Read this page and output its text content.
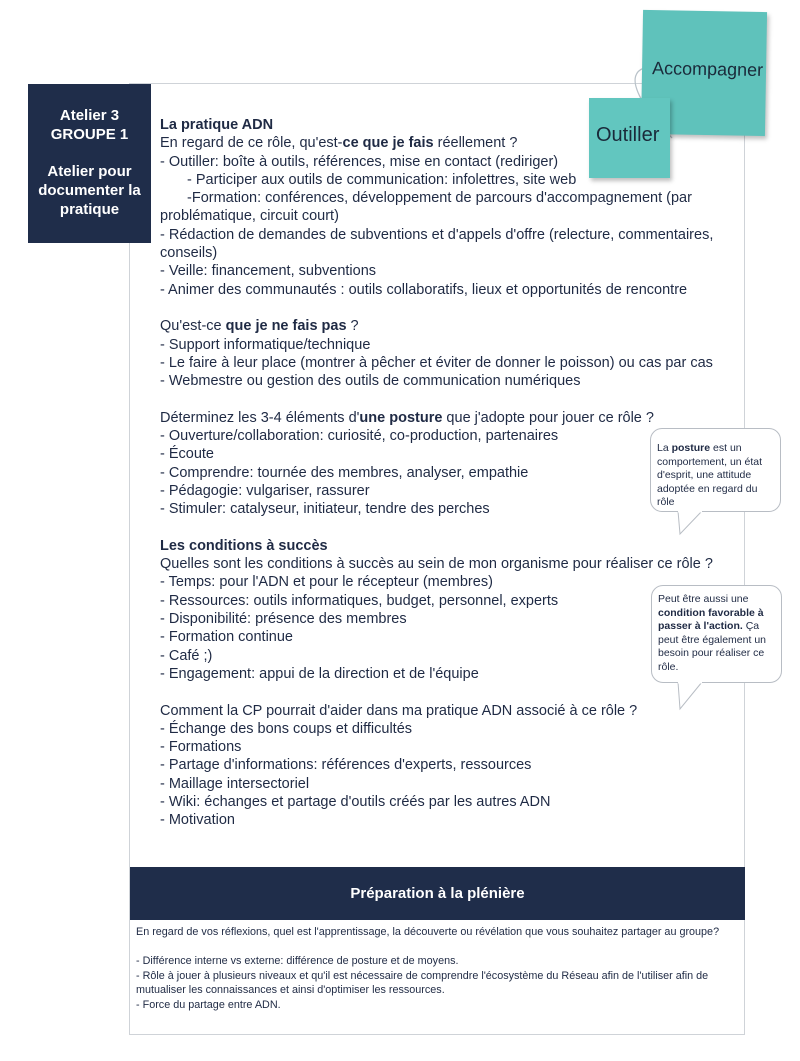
Atelier 3
GROUPE 1
Atelier pour
documenter la
pratique
Accompagner
Outiller

La pratique ADN

En regard de ce rôle, qu'est-ce que je fais réellement ?

- Outiller: boîte à outils, références, mise en contact (rediriger)

- Participer aux outils de communication: infolettres, site web

-Formation: conférences, développement de parcours d'accompagnement (par problématique, circuit court)

- Rédaction de demandes de subventions et d'appels d'offre (relecture, commentaires, conseils)

- Veille: financement, subventions

- Animer des communautés : outils collaboratifs, lieux et opportunités de rencontre

Qu'est-ce que je ne fais pas ?

- Support informatique/technique

- Le faire à leur place (montrer à pêcher et éviter de donner le poisson) ou cas par cas

- Webmestre ou gestion des outils de communication numériques

Déterminez les 3-4 éléments d'une posture que j'adopte pour jouer ce rôle ?

- Ouverture/collaboration: curiosité, co-production, partenaires

- Écoute

- Comprendre: tournée des membres, analyser, empathie

- Pédagogie: vulgariser, rassurer

- Stimuler: catalyseur, initiateur, tendre des perches

Les conditions à succès

Quelles sont les conditions à succès au sein de mon organisme pour réaliser ce rôle ?

- Temps: pour l'ADN et pour le récepteur (membres)

- Ressources: outils informatiques, budget, personnel, experts

- Disponibilité: présence des membres

- Formation continue

- Café ;)

- Engagement: appui de la direction et de l'équipe

Comment la CP pourrait d'aider dans ma pratique ADN associé à ce rôle ?

- Échange des bons coups et difficultés

- Formations

- Partage d'informations: références d'experts, ressources

- Maillage intersectoriel

- Wiki: échanges et partage d'outils créés par les autres ADN

- Motivation

La posture est un comportement, un état d'esprit, une attitude adoptée en regard du rôle
Peut être aussi une condition favorable à passer à l'action. Ça peut être également un besoin pour réaliser ce rôle.
Préparation à la plénière

En regard de vos réflexions, quel est l'apprentissage, la découverte ou révélation que vous souhaitez partager au groupe?

- Différence interne vs externe: différence de posture et de moyens.

- Rôle à jouer à plusieurs niveaux et qu'il est nécessaire de comprendre l'écosystème du Réseau afin de l'utiliser afin de mutualiser les connaissances et ainsi d'optimiser les ressources.

- Force du partage entre ADN.
